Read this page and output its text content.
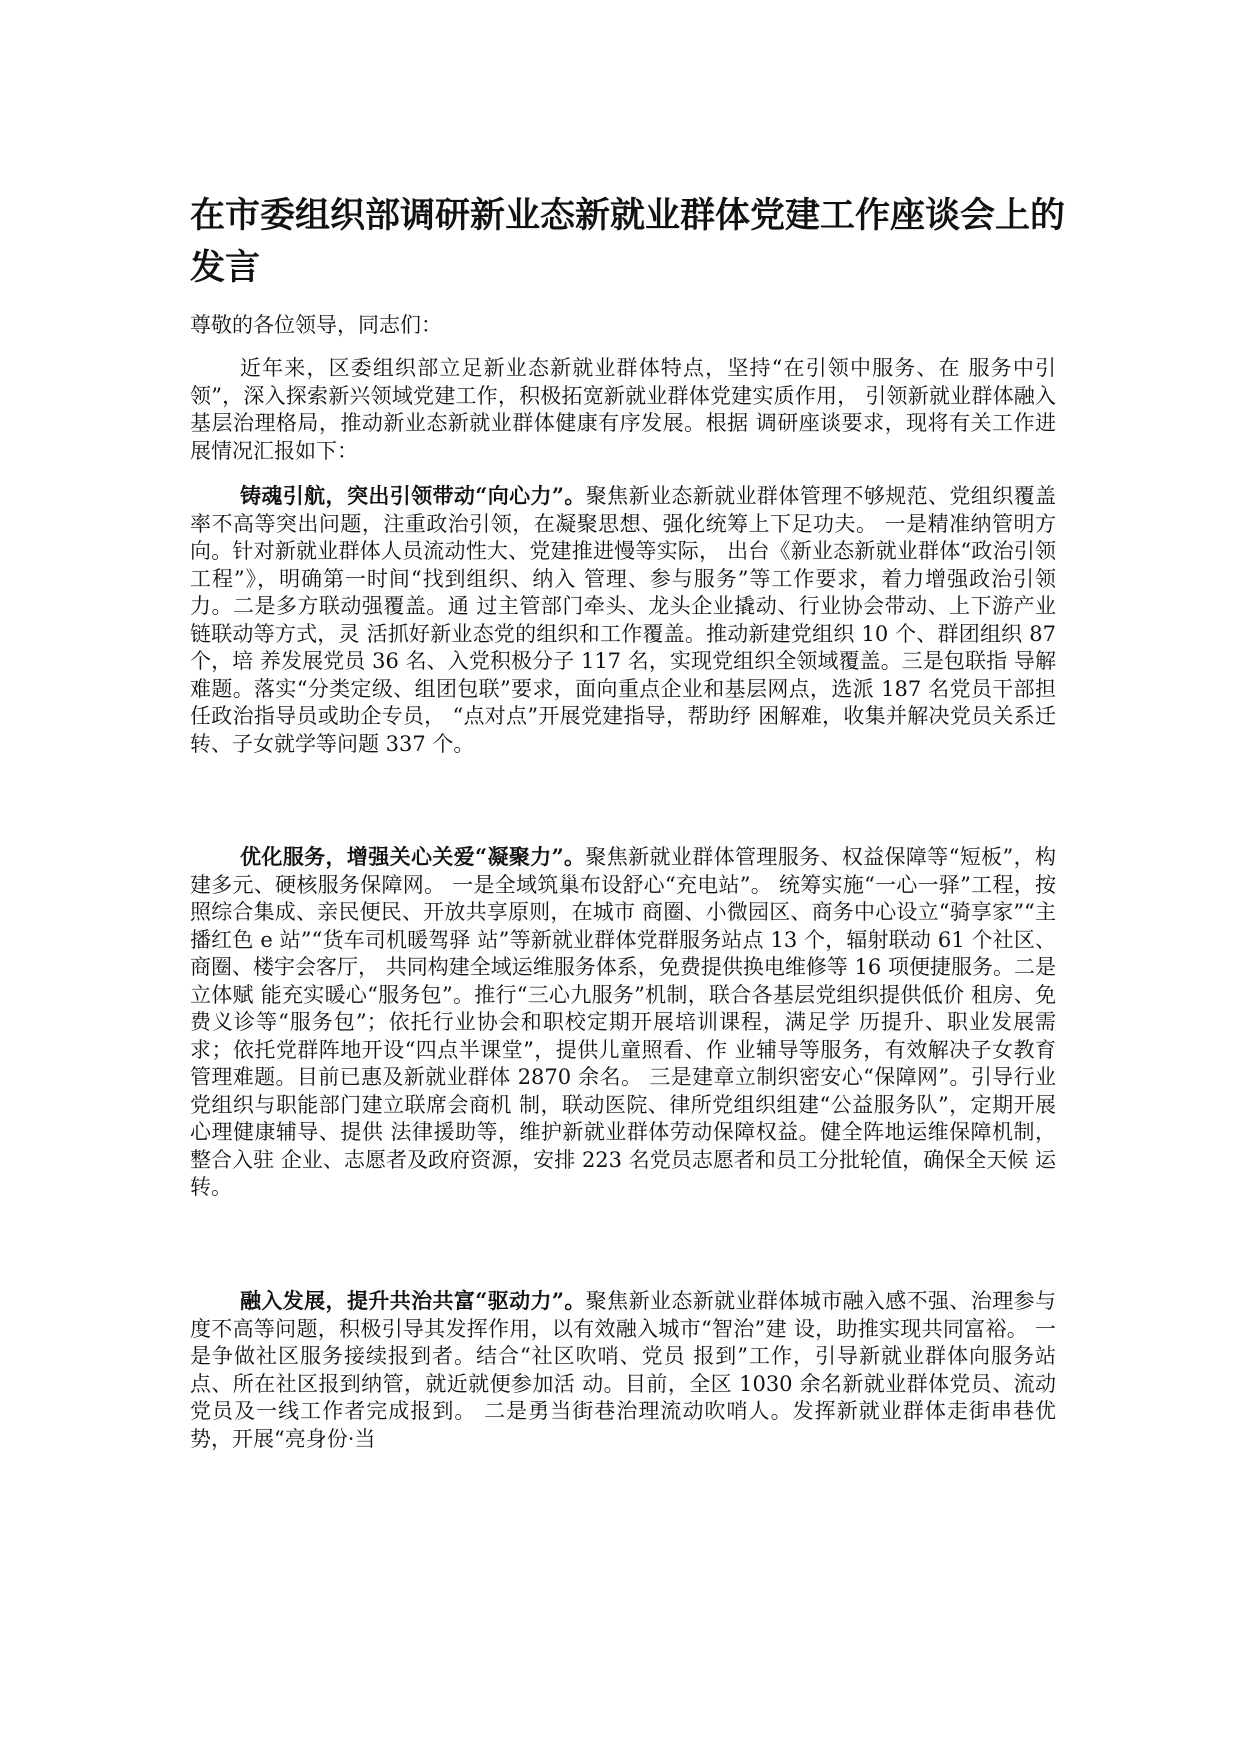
在市委组织部调研新业态新就业群体党建工作座谈会上的发言

尊敬的各位领导，同志们：

近年来，区委组织部立足新业态新就业群体特点，坚持“在引领中服务、在 服务中引领”，深入探索新兴领域党建工作，积极拓宽新就业群体党建实质作用， 引领新就业群体融入基层治理格局，推动新业态新就业群体健康有序发展。根据 调研座谈要求，现将有关工作进展情况汇报如下：

铸魂引航，突出引领带动“向心力”。聚焦新业态新就业群体管理不够规范、党组织覆盖率不高等突出问题，注重政治引领，在凝聚思想、强化统筹上下足功夫。 一是精准纳管明方向。针对新就业群体人员流动性大、党建推进慢等实际， 出台《新业态新就业群体“政治引领工程”》，明确第一时间“找到组织、纳入 管理、参与服务”等工作要求，着力增强政治引领力。二是多方联动强覆盖。通 过主管部门牵头、龙头企业撬动、行业协会带动、上下游产业链联动等方式，灵 活抓好新业态党的组织和工作覆盖。推动新建党组织 10 个、群团组织 87 个，培 养发展党员 36 名、入党积极分子 117 名，实现党组织全领域覆盖。三是包联指 导解难题。落实“分类定级、组团包联”要求，面向重点企业和基层网点，选派 187 名党员干部担任政治指导员或助企专员， “点对点”开展党建指导，帮助纾 困解难，收集并解决党员关系迁转、子女就学等问题 337 个。

优化服务，增强关心关爱“凝聚力”。聚焦新就业群体管理服务、权益保障等“短板”，构建多元、硬核服务保障网。 一是全域筑巢布设舒心“充电站”。 统筹实施“一心一驿”工程，按照综合集成、亲民便民、开放共享原则，在城市 商圈、小微园区、商务中心设立“骑享家”“主播红色 e 站”“货车司机暖驾驿 站”等新就业群体党群服务站点 13 个，辐射联动 61 个社区、商圈、楼宇会客厅， 共同构建全域运维服务体系，免费提供换电维修等 16 项便捷服务。二是立体赋 能充实暖心“服务包”。推行“三心九服务”机制，联合各基层党组织提供低价 租房、免费义诊等“服务包”；依托行业协会和职校定期开展培训课程，满足学 历提升、职业发展需求；依托党群阵地开设“四点半课堂”，提供儿童照看、作 业辅导等服务，有效解决子女教育管理难题。目前已惠及新就业群体 2870 余名。 三是建章立制织密安心“保障网”。引导行业党组织与职能部门建立联席会商机 制，联动医院、律所党组织组建“公益服务队”，定期开展心理健康辅导、提供 法律援助等，维护新就业群体劳动保障权益。健全阵地运维保障机制，整合入驻 企业、志愿者及政府资源，安排 223 名党员志愿者和员工分批轮值，确保全天候 运转。

融入发展，提升共治共富“驱动力”。聚焦新业态新就业群体城市融入感不强、治理参与度不高等问题，积极引导其发挥作用，以有效融入城市“智治”建 设，助推实现共同富裕。 一是争做社区服务接续报到者。结合“社区吹哨、党员 报到”工作，引导新就业群体向服务站点、所在社区报到纳管，就近就便参加活 动。目前，全区 1030 余名新就业群体党员、流动党员及一线工作者完成报到。 二是勇当街巷治理流动吹哨人。发挥新就业群体走街串巷优势，开展“亮身份·当
